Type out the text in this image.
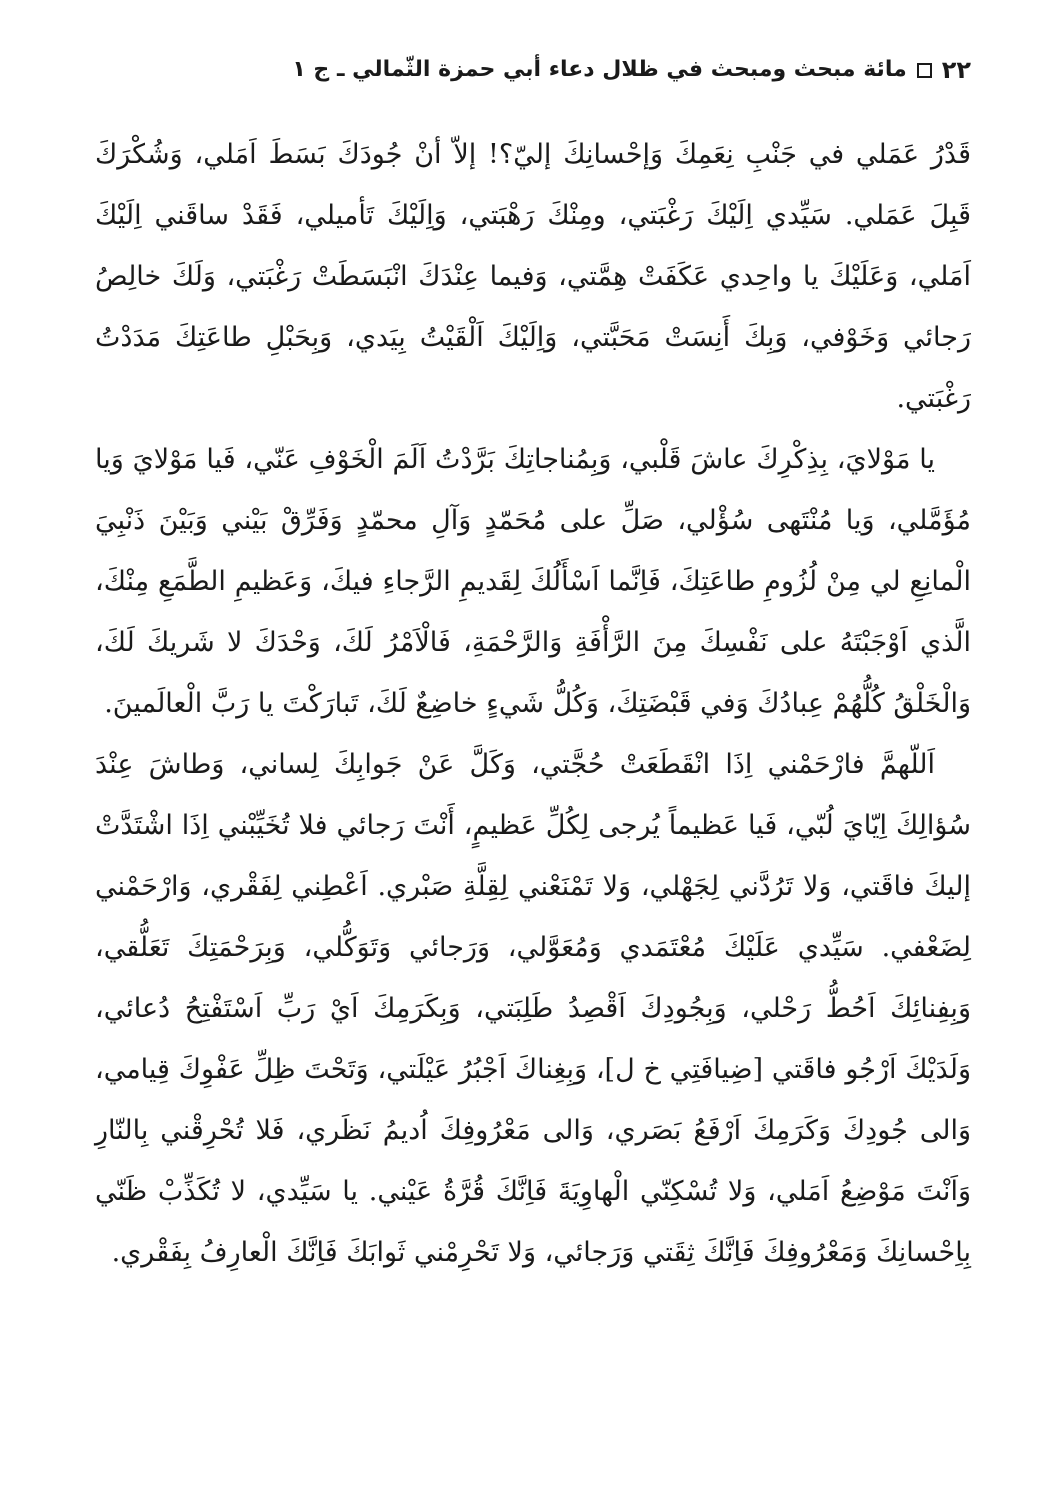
٢٢
مائة مبحث ومبحث في ظلال دعاء أبي حمزة الثّمالي ـ ج ١

قَدْرُ عَمَلي في جَنْبِ نِعَمِكَ وَإحْسانِكَ إليّ؟! إلاّ أنْ جُودَكَ بَسَطَ اَمَلي، وَشُكْرَكَ قَبِلَ عَمَلي. سَيِّدي اِلَيْكَ رَغْبَتي، ومِنْكَ رَهْبَتي، وَاِلَيْكَ تَأميلي، فَقَدْ ساقَني اِلَيْكَ اَمَلي، وَعَلَيْكَ يا واحِدي عَكَفَتْ هِمَّتي، وَفيما عِنْدَكَ انْبَسَطَتْ رَغْبَتي، وَلَكَ خالِصُ رَجائي وَخَوْفي، وَبِكَ أَنِسَتْ مَحَبَّتي، وَاِلَيْكَ اَلْقَيْتُ بِيَدي، وَبِحَبْلِ طاعَتِكَ مَدَدْتُ رَغْبَتي.

يا مَوْلايَ، بِذِكْرِكَ عاشَ قَلْبي، وَبِمُناجاتِكَ بَرَّدْتُ اَلَمَ الْخَوْفِ عَنّي، فَيا مَوْلايَ وَيا مُؤَمَّلي، وَيا مُنْتَهى سُؤْلي، صَلِّ على مُحَمّدٍ وَآلِ محمّدٍ وَفَرِّقْ بَيْني وَبَيْنَ ذَنْبِيَ الْمانِعِ لي مِنْ لُزُومِ طاعَتِكَ، فَاِنَّما اَسْأَلُكَ لِقَديمِ الرَّجاءِ فيكَ، وَعَظيمِ الطَّمَعِ مِنْكَ، الَّذي اَوْجَبْتَهُ على نَفْسِكَ مِنَ الرَّأْفَةِ وَالرَّحْمَةِ، فَالْاَمْرُ لَكَ، وَحْدَكَ لا شَريكَ لَكَ، وَالْخَلْقُ كُلُّهُمْ عِبادُكَ وَفي قَبْضَتِكَ، وَكُلُّ شَيءٍ خاضِعٌ لَكَ، تَبارَكْتَ يا رَبَّ الْعالَمينَ.

اَللّهمَّ فارْحَمْني اِذَا انْقَطَعَتْ حُجَّتي، وَكَلَّ عَنْ جَوابِكَ لِساني، وَطاشَ عِنْدَ سُؤالِكَ اِيّايَ لُبّي، فَيا عَظيماً يُرجى لِكُلِّ عَظيمٍ، أَنْتَ رَجائي فلا تُخَيِّبْني اِذَا اشْتَدَّتْ إليكَ فاقَتي، وَلا تَرُدَّني لِجَهْلي، وَلا تَمْنَعْني لِقِلَّةِ صَبْري. اَعْطِني لِفَقْري، وَارْحَمْني لِضَعْفي. سَيِّدي عَلَيْكَ مُعْتَمَدي وَمُعَوَّلي، وَرَجائي وَتَوَكُّلي، وَبِرَحْمَتِكَ تَعَلُّقي، وَبِفِنائِكَ اَحُطُّ رَحْلي، وَبِجُودِكَ اَقْصِدُ طَلِبَتي، وَبِكَرَمِكَ اَيْ رَبِّ اَسْتَفْتِحُ دُعائي، وَلَدَيْكَ اَرْجُو فاقَتي [ضِيافَتِي خ ل]، وَبِغِناكَ اَجْبُرُ عَيْلَتي، وَتَحْتَ ظِلِّ عَفْوِكَ قِيامي، وَالى جُودِكَ وَكَرَمِكَ اَرْفَعُ بَصَري، وَالى مَعْرُوفِكَ اُديمُ نَظَري، فَلا تُحْرِقْني بِالنّارِ وَاَنْتَ مَوْضِعُ اَمَلي، وَلا تُسْكِنّي الْهاوِيَةَ فَاِنَّكَ قُرَّةُ عَيْني. يا سَيِّدي، لا تُكَذِّبْ ظَنّي بِاِحْسانِكَ وَمَعْرُوفِكَ فَاِنَّكَ ثِقَتي وَرَجائي، وَلا تَحْرِمْني ثَوابَكَ فَاِنَّكَ الْعارِفُ بِفَقْري.
